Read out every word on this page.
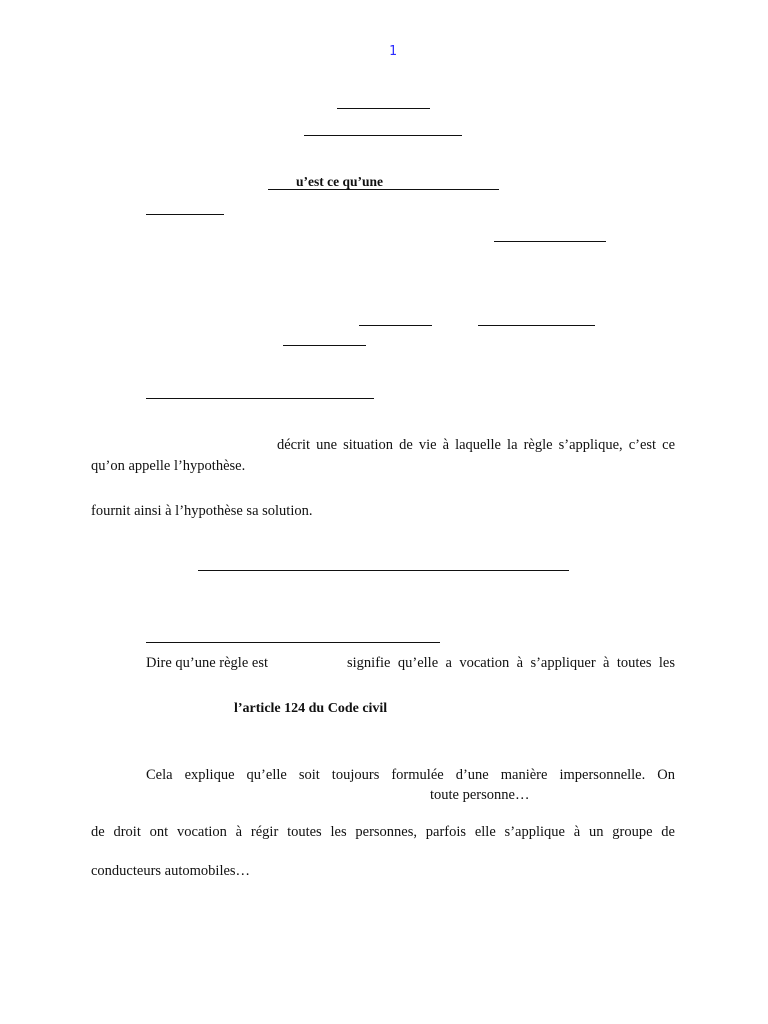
1
u’est ce qu’une
décrit une situation de vie à laquelle la règle s’applique, c’est ce
qu’on appelle l’hypothèse.
fournit ainsi à l’hypothèse sa solution.
Dire qu’une règle est	signifie qu’elle a vocation à s’appliquer à toutes les
l’article 124 du Code civil
Cela explique qu’elle soit toujours formulée d’une manière impersonnelle. On
toute personne…
de droit ont vocation à régir toutes les personnes, parfois elle s’applique à un groupe de
conducteurs automobiles…
